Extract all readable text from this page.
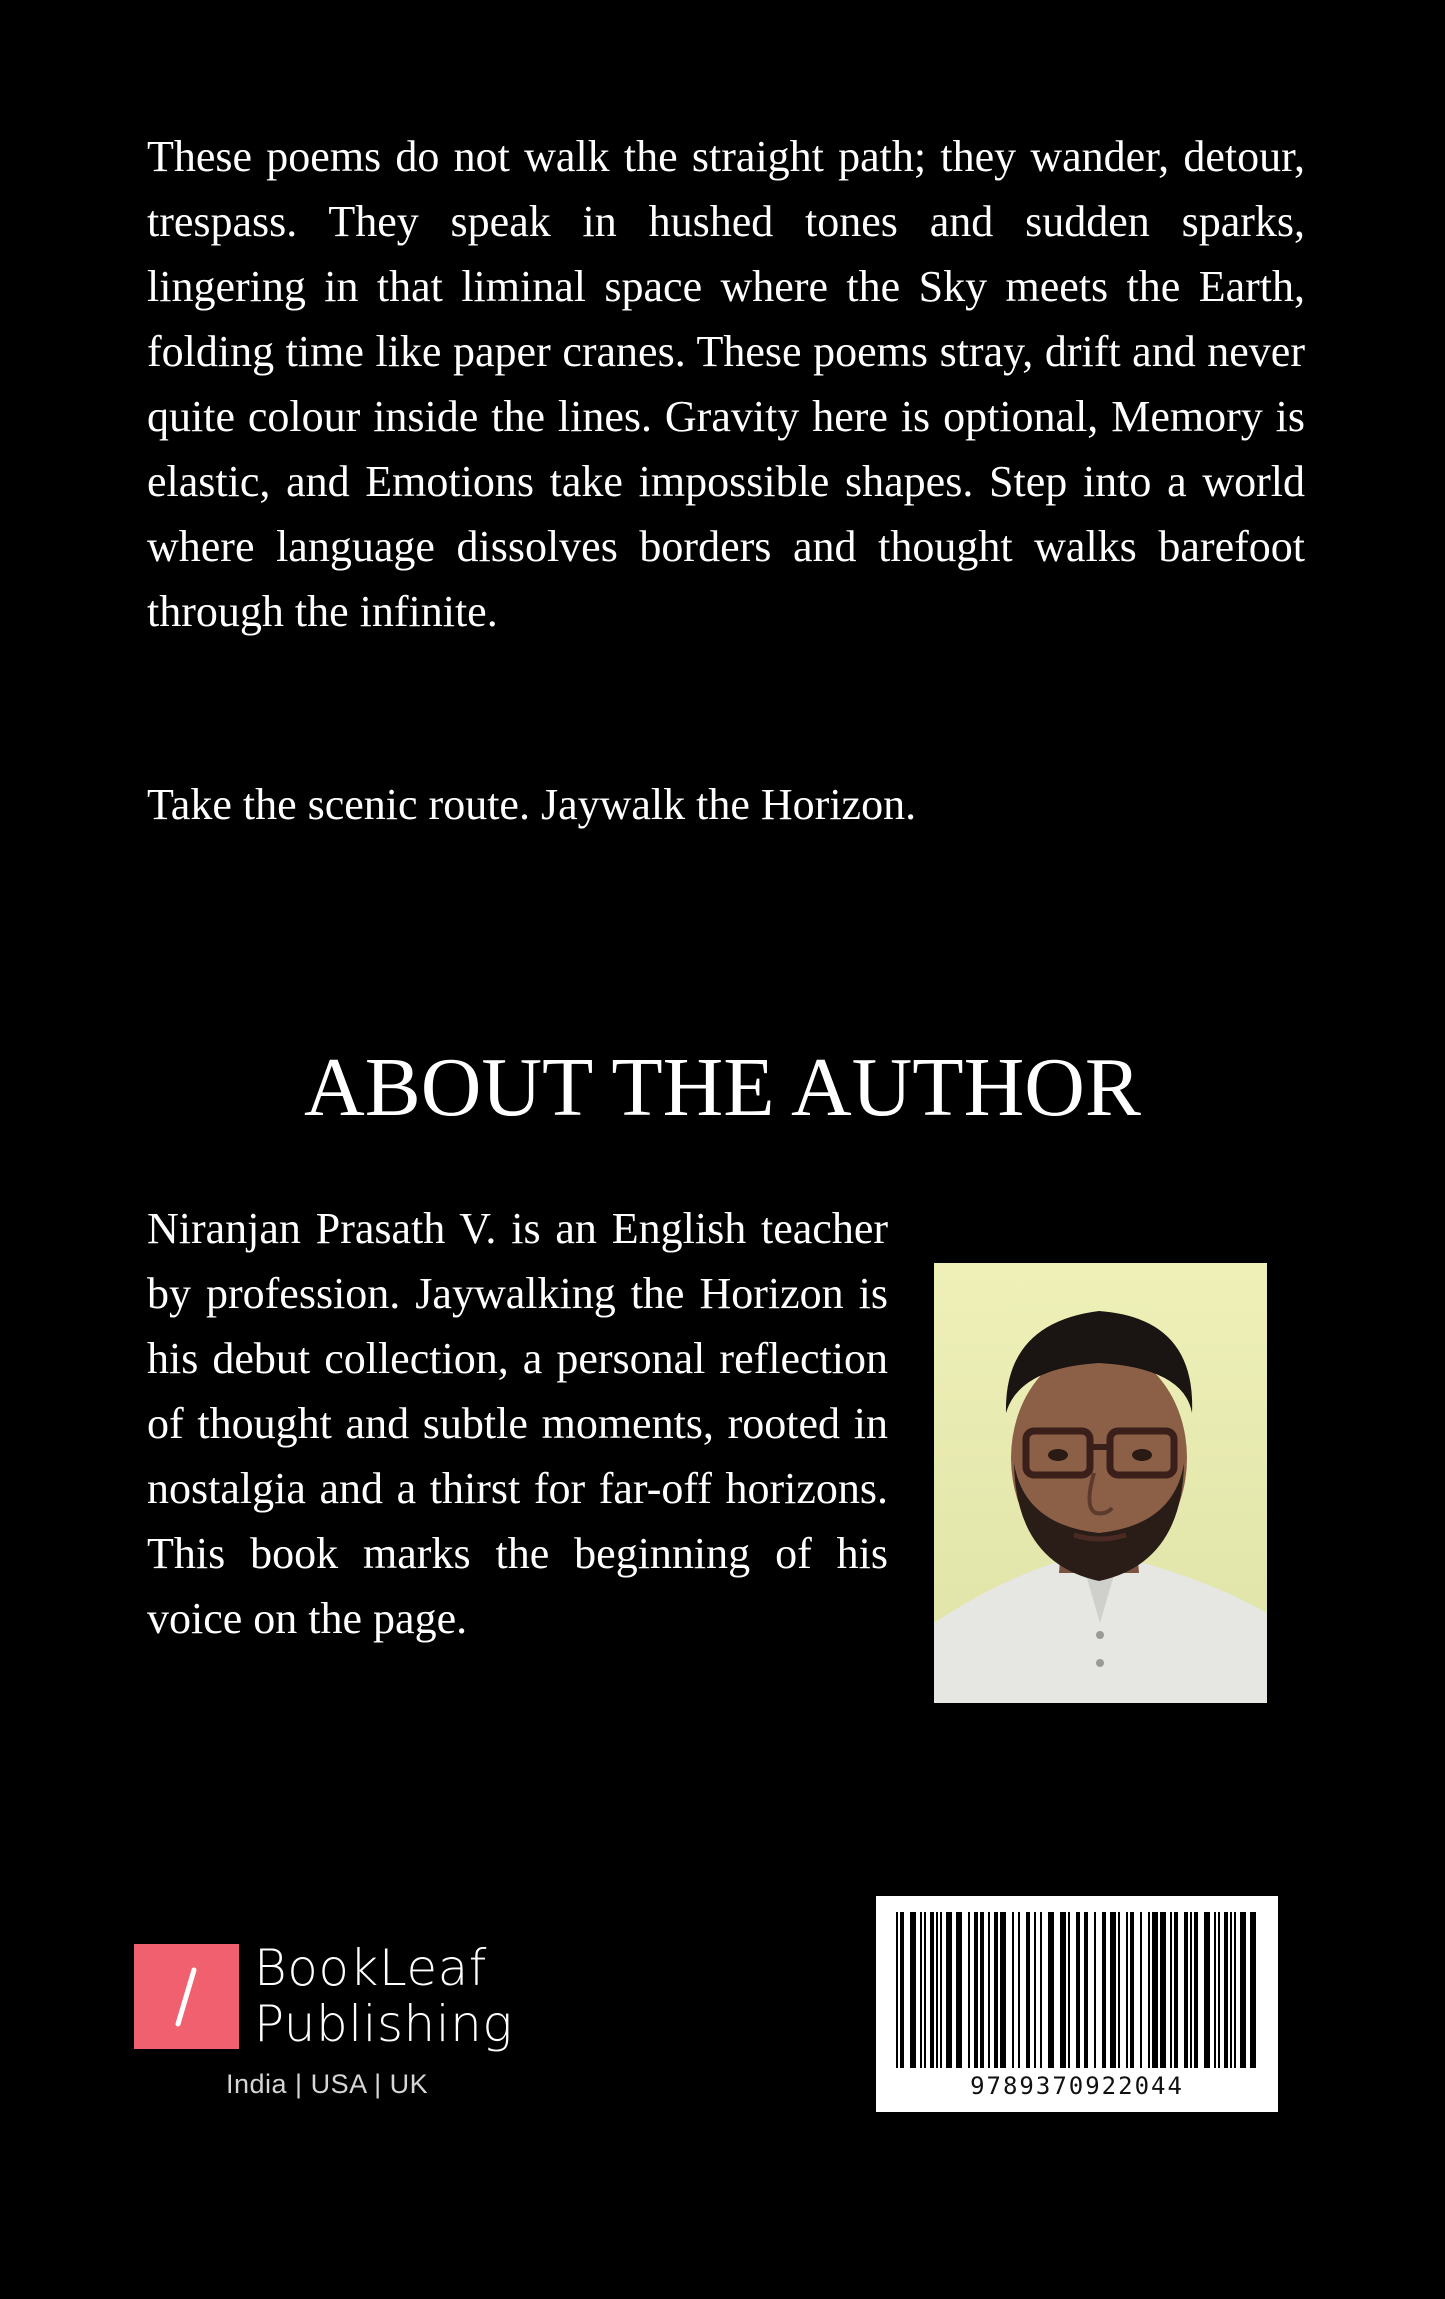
These poems do not walk the straight path; they wander, detour, trespass. They speak in hushed tones and sudden sparks, lingering in that liminal space where the Sky meets the Earth, folding time like paper cranes. These poems stray, drift and never quite colour inside the lines. Gravity here is optional, Memory is elastic, and Emotions take impossible shapes. Step into a world where language dissolves borders and thought walks barefoot through the infinite.

Take the scenic route. Jaywalk the Horizon.

ABOUT THE AUTHOR

Niranjan Prasath V. is an English teacher by profession. Jaywalking the Horizon is his debut collection, a personal reflection of thought and subtle moments, rooted in nostalgia and a thirst for far-off horizons. This book marks the beginning of his voice on the page.

BookLeaf
Publishing
India | USA | UK	9789370922044
